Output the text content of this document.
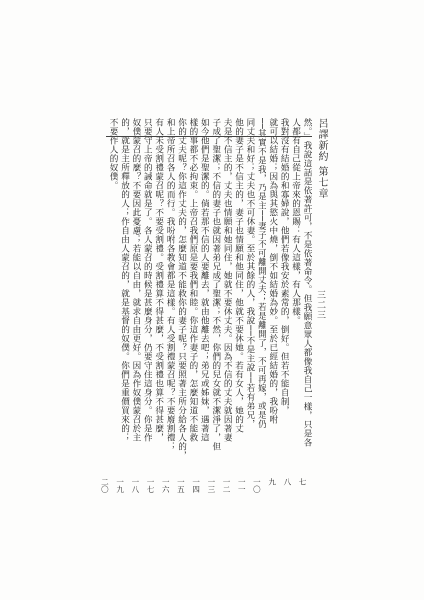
呂譯新約 第七章
三二三
然。」我說這話是依著許可，不是依著命令。但我願意眾人都像我自己一樣，只是各
人都有自己從上帝來的恩賜：有人這樣，有人那樣。
我對沒有結婚的和寡婦說，他們若像我安於素常的，倒好。但若不能自制，
就可以結婚；因為與其慾火中燒，倒不如結婚為妙。至於已經結婚的，我吩咐
──其實不是我，乃是主──妻子不可離開丈夫；若是離開了，不可再嫁，或是仍
同丈夫和好；丈夫也不可休妻。至於其餘的人，我說──不是主說──若有弟兄，
他的妻子是不信主的，妻子也情願和他同住，他就不要休她。若有女人，她的丈
夫是不信主的，丈夫也情願和她同住，她就不要休丈夫。因為不信的丈夫就因著妻
子成了聖潔；不信的妻子也就因著弟兄成了聖潔；不然，你們的兒女就不潔淨了，但
如今他們是聖潔的。倘若那不信的人要離去，就由他離去吧；弟兄或姊妹，遇著這
樣的事都不必拘束。上帝召我們原是要我們和睦。你這作妻子的，怎麼知道不能救
你的丈夫呢？你這作丈夫的，怎麼知道不能救你的妻子呢？只要照著主所分給各人的，
和上帝所召各人的而行。我吩咐各教會都是這樣。有人受割禮蒙召呢？不要廢割禮；
有人未受割禮蒙召呢？不要受割禮。受割禮算不得甚麼，不受割禮也算不得甚麼，
只要守上帝的誡命就是了。各人蒙召的時候是甚麼身分，仍要守住這身分。你是作
奴僕蒙召的麼？不要因此憂慮；若能以自由，就求自由更好。因為作奴僕蒙召於主
的，就是主所釋放的人；作自由人蒙召的，就是基督的奴僕。你們是重價買來的；
不要作人的奴僕。
七
八
九
一〇
一一
一二
一三
一四
一五
一六
一七
一八
一九
二〇
